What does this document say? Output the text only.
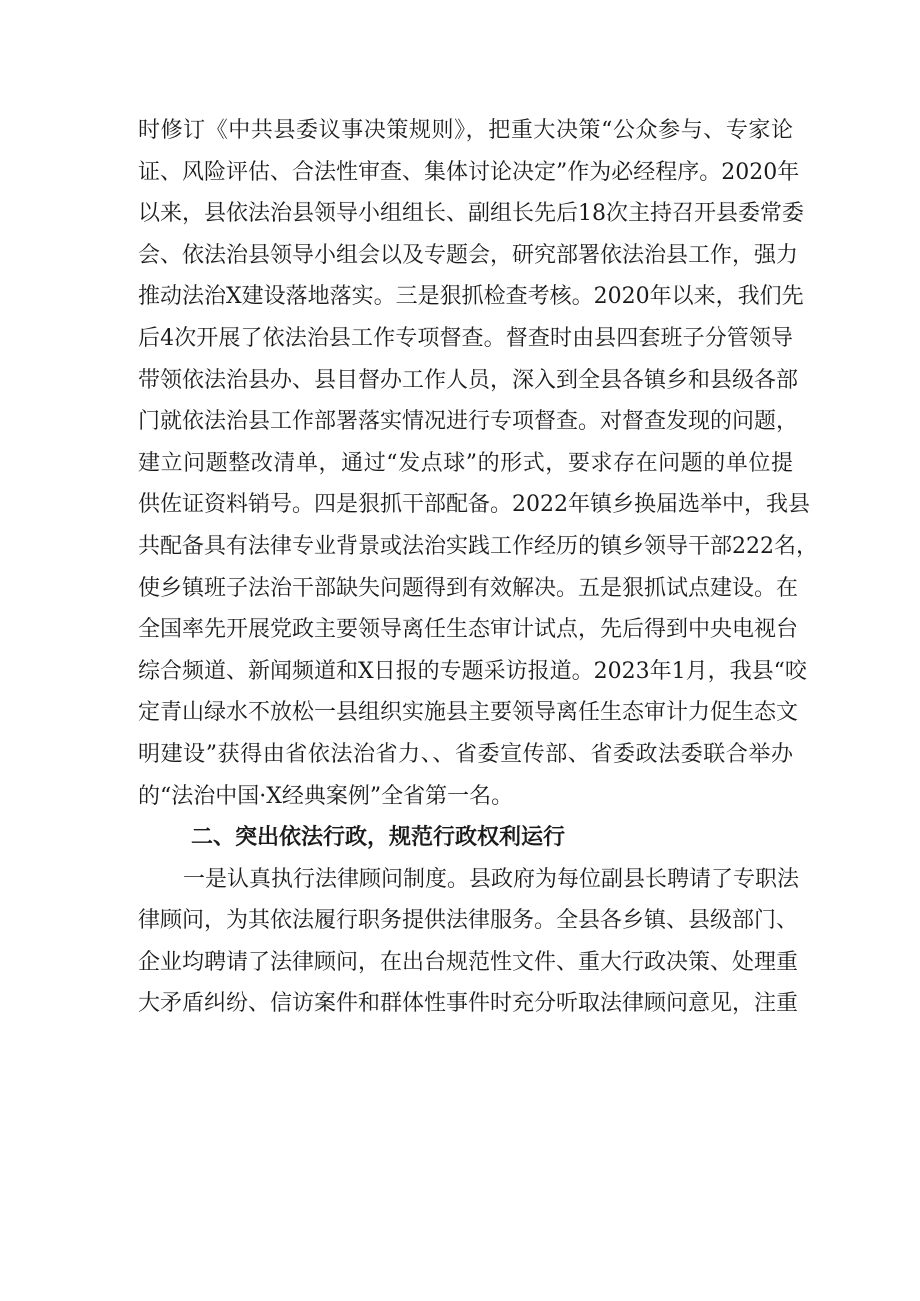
时修订《中共县委议事决策规则》，把重大决策“公众参与、专家论
证、风险评估、合法性审查、集体讨论决定”作为必经程序。2020年
以来，县依法治县领导小组组长、副组长先后18次主持召开县委常委
会、依法治县领导小组会以及专题会，研究部署依法治县工作，强力
推动法治X建设落地落实。三是狠抓检查考核。2020年以来，我们先
后4次开展了依法治县工作专项督查。督查时由县四套班子分管领导
带领依法治县办、县目督办工作人员，深入到全县各镇乡和县级各部
门就依法治县工作部署落实情况进行专项督查。对督查发现的问题，
建立问题整改清单，通过“发点球”的形式，要求存在问题的单位提
供佐证资料销号。四是狠抓干部配备。2022年镇乡换届选举中，我县
共配备具有法律专业背景或法治实践工作经历的镇乡领导干部222名，
使乡镇班子法治干部缺失问题得到有效解决。五是狠抓试点建设。在
全国率先开展党政主要领导离任生态审计试点，先后得到中央电视台
综合频道、新闻频道和X日报的专题采访报道。2023年1月，我县“咬
定青山绿水不放松一县组织实施县主要领导离任生态审计力促生态文
明建设”获得由省依法治省力、、省委宣传部、省委政法委联合举办
的“法治中国·X经典案例”全省第一名。
二、突出依法行政，规范行政权利运行
一是认真执行法律顾问制度。县政府为每位副县长聘请了专职法
律顾问，为其依法履行职务提供法律服务。全县各乡镇、县级部门、
企业均聘请了法律顾问，在出台规范性文件、重大行政决策、处理重
大矛盾纠纷、信访案件和群体性事件时充分听取法律顾问意见，注重
